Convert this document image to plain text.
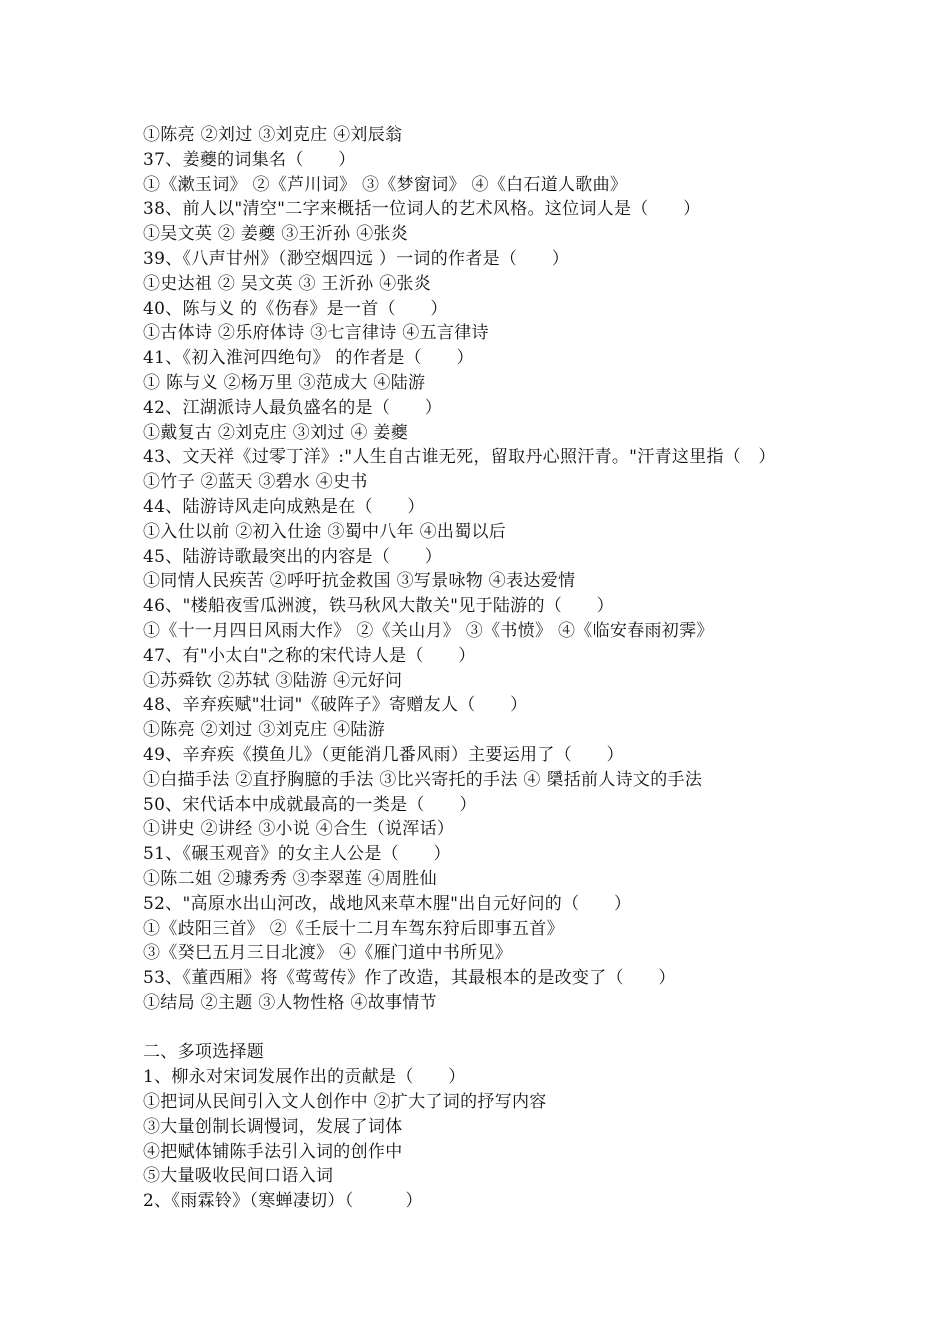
①陈亮 ②刘过 ③刘克庄 ④刘辰翁
37、姜夔的词集名（　　）
①《漱玉词》 ②《芦川词》 ③《梦窗词》 ④《白石道人歌曲》
38、前人以"清空"二字来概括一位词人的艺术风格。这位词人是（　　）
①吴文英 ② 姜夔 ③王沂孙 ④张炎
39、《八声甘州》（渺空烟四远 ）一词的作者是（　　）
①史达祖 ② 吴文英 ③ 王沂孙 ④张炎
40、陈与义 的《伤春》是一首（　　）
①古体诗 ②乐府体诗 ③七言律诗 ④五言律诗
41、《初入淮河四绝句》 的作者是（　　）
① 陈与义 ②杨万里 ③范成大 ④陆游
42、江湖派诗人最负盛名的是（　　）
①戴复古 ②刘克庄 ③刘过 ④ 姜夔
43、文天祥《过零丁洋》:"人生自古谁无死，留取丹心照汗青。"汗青这里指（　）
①竹子 ②蓝天 ③碧水 ④史书
44、陆游诗风走向成熟是在（　　）
①入仕以前 ②初入仕途 ③蜀中八年 ④出蜀以后
45、陆游诗歌最突出的内容是（　　）
①同情人民疾苦 ②呼吁抗金救国 ③写景咏物 ④表达爱情
46、"楼船夜雪瓜洲渡，铁马秋风大散关"见于陆游的（　　）
①《十一月四日风雨大作》 ②《关山月》 ③《书愤》 ④《临安春雨初霁》
47、有"小太白"之称的宋代诗人是（　　）
①苏舜钦 ②苏轼 ③陆游 ④元好问
48、辛弃疾赋"壮词"《破阵子》寄赠友人（　　）
①陈亮 ②刘过 ③刘克庄 ④陆游
49、辛弃疾《摸鱼儿》（更能消几番风雨）主要运用了（　　）
①白描手法 ②直抒胸臆的手法 ③比兴寄托的手法 ④ 檃括前人诗文的手法
50、宋代话本中成就最高的一类是（　　）
①讲史 ②讲经 ③小说 ④合生（说浑话）
51、《碾玉观音》的女主人公是（　　）
①陈二姐 ②璩秀秀 ③李翠莲 ④周胜仙
52、"高原水出山河改，战地风来草木腥"出自元好问的（　　）
①《歧阳三首》 ②《壬辰十二月车驾东狩后即事五首》
③《癸巳五月三日北渡》 ④《雁门道中书所见》
53、《董西厢》将《莺莺传》作了改造，其最根本的是改变了（　　）
①结局 ②主题 ③人物性格 ④故事情节
二、多项选择题
1、柳永对宋词发展作出的贡献是（　　）
①把词从民间引入文人创作中 ②扩大了词的抒写内容
③大量创制长调慢词，发展了词体
④把赋体铺陈手法引入词的创作中
⑤大量吸收民间口语入词
2、《雨霖铃》（寒蝉凄切）（　　　）
